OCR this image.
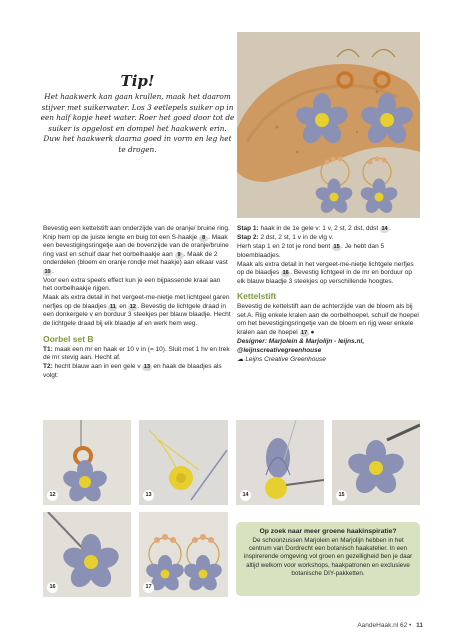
Tip!
Het haakwerk kan gaan krullen, maak het daarom stijver met suikerwater. Los 3 eetlepels suiker op in een half kopje heet water. Roer het goed door tot de suiker is opgelost en dompel het haakwerk erin. Duw het haakwerk daarna goed in vorm en leg het te drogen.

Bevestig een kettelstift aan onderzijde van de oranje/ bruine ring. Knip hem op de juiste lengte en buig tot een S-haakje 8 . Maak een bevestigingsringetje aan de bovenzijde van de oranje/bruine ring vast en schuif daar het oorbelhaakje aan 9 . Maak de 2 onderdelen (bloem en oranje rondje met haakje) aan elkaar vast 10 .

Voor een extra speels effect kun je een bijpassende kraal aan het oorbelhaakje rijgen.

Maak als extra detail in het vergeet-me-nietje met lichtgeel garen nerfjes op de blaadjes 11 en 12 . Bevestig de lichtgele draad in een donkergele v en borduur 3 steekjes per blauw blaadje. Hecht de lichtgele draad bij elk blaadje af en werk hem weg.

Oorbel set B

T1: maak een mr en haak er 10 v in (= 10). Sluit met 1 hv en trek de mr stevig aan. Hecht af.

T2: hecht blauw aan in een gele v 13 en haak de blaadjes als volgt:

Stap 1: haak in de 1e gele v: 1 v, 2 st, 2 dst, ddst 14 .

Stap 2: 2 dst, 2 st, 1 v in de vlg v.

Herh stap 1 en 2 tot je rond bent 15 . Je hebt dan 5 bloemblaadjes.

Maak als extra detail in het vergeet-me-nietje lichtgele nerfjes op de blaadjes 16 . Bevestig lichtgeel in de mr en borduur op elk blauw blaadje 3 steekjes op verschillende hoogtes.

Kettelstift

Bevestig de kettelstift aan de achterzijde van de bloem als bij set A. Rijg enkele kralen aan de oorbelhoepel, schuif de hoepel om het bevestigingsringetje van de bloem en rijg weer enkele kralen aan de hoepel 17 ●

Designer: Marjolein & Marjolijn - leijns.nl, @leijnscreativegreenhouse

☁ Leijns Creative Greenhouse

12	13	14	15
16	17
Op zoek naar meer groene haakinspiratie?
De schoonzussen Marjolein en Marjolijn hebben in het centrum van Dordrecht een botanisch haakatelier. In een inspirerende omgeving vol groen en gezelligheid ben je daar altijd welkom voor workshops, haakpatronen en exclusieve botanische DIY-pakketten.
AandeHaak.nl 62 • 11
